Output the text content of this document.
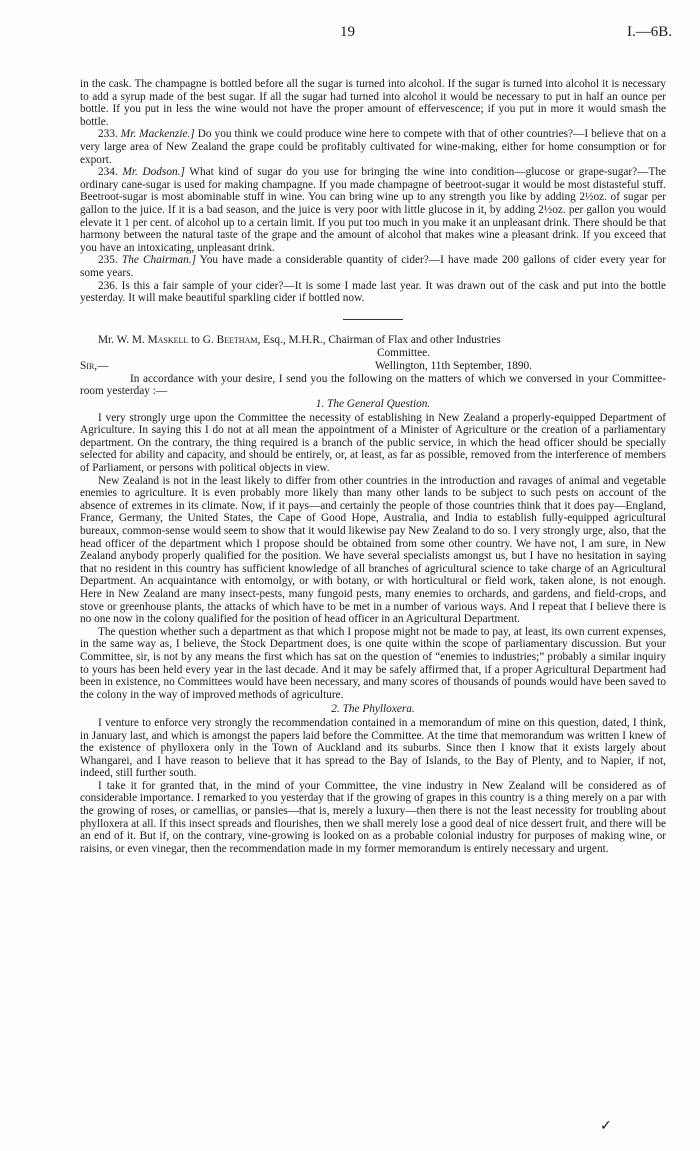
19	I.—6B.

in the cask. The champagne is bottled before all the sugar is turned into alcohol. If the sugar is turned into alcohol it is necessary to add a syrup made of the best sugar. If all the sugar had turned into alcohol it would be necessary to put in half an ounce per bottle. If you put in less the wine would not have the proper amount of effervescence; if you put in more it would smash the bottle.

233. Mr. Mackenzie.] Do you think we could produce wine here to compete with that of other countries?—I believe that on a very large area of New Zealand the grape could be profitably cultivated for wine-making, either for home consumption or for export.

234. Mr. Dodson.] What kind of sugar do you use for bringing the wine into condition—glucose or grape-sugar?—The ordinary cane-sugar is used for making champagne. If you made champagne of beetroot-sugar it would be most distasteful stuff. Beetroot-sugar is most abominable stuff in wine. You can bring wine up to any strength you like by adding 2½oz. of sugar per gallon to the juice. If it is a bad season, and the juice is very poor with little glucose in it, by adding 2½oz. per gallon you would elevate it 1 per cent. of alcohol up to a certain limit. If you put too much in you make it an unpleasant drink. There should be that harmony between the natural taste of the grape and the amount of alcohol that makes wine a pleasant drink. If you exceed that you have an intoxicating, unpleasant drink.

235. The Chairman.] You have made a considerable quantity of cider?—I have made 200 gallons of cider every year for some years.

236. Is this a fair sample of your cider?—It is some I made last year. It was drawn out of the cask and put into the bottle yesterday. It will make beautiful sparkling cider if bottled now.

Mr. W. M. Maskell to G. Beetham, Esq., M.H.R., Chairman of Flax and other Industries

Committee.

Sir,—	Wellington, 11th September, 1890.

In accordance with your desire, I send you the following on the matters of which we conversed in your Committee-room yesterday :—

1. The General Question.

I very strongly urge upon the Committee the necessity of establishing in New Zealand a properly-equipped Department of Agriculture. In saying this I do not at all mean the appointment of a Minister of Agriculture or the creation of a parliamentary department. On the contrary, the thing required is a branch of the public service, in which the head officer should be specially selected for ability and capacity, and should be entirely, or, at least, as far as possible, removed from the interference of members of Parliament, or persons with political objects in view.

New Zealand is not in the least likely to differ from other countries in the introduction and ravages of animal and vegetable enemies to agriculture. It is even probably more likely than many other lands to be subject to such pests on account of the absence of extremes in its climate. Now, if it pays—and certainly the people of those countries think that it does pay—England, France, Germany, the United States, the Cape of Good Hope, Australia, and India to establish fully-equipped agricultural bureaux, common-sense would seem to show that it would likewise pay New Zealand to do so. I very strongly urge, also, that the head officer of the department which I propose should be obtained from some other country. We have not, I am sure, in New Zealand anybody properly qualified for the position. We have several specialists amongst us, but I have no hesitation in saying that no resident in this country has sufficient knowledge of all branches of agricultural science to take charge of an Agricultural Department. An acquaintance with entomolgy, or with botany, or with horticultural or field work, taken alone, is not enough. Here in New Zealand are many insect-pests, many fungoid pests, many enemies to orchards, and gardens, and field-crops, and stove or greenhouse plants, the attacks of which have to be met in a number of various ways. And I repeat that I believe there is no one now in the colony qualified for the position of head officer in an Agricultural Department.

The question whether such a department as that which I propose might not be made to pay, at least, its own current expenses, in the same way as, I believe, the Stock Department does, is one quite within the scope of parliamentary discussion. But your Committee, sir, is not by any means the first which has sat on the question of “enemies to industries;” probably a similar inquiry to yours has been held every year in the last decade. And it may be safely affirmed that, if a proper Agricultural Department had been in existence, no Committees would have been necessary, and many scores of thousands of pounds would have been saved to the colony in the way of improved methods of agriculture.

2. The Phylloxera.

I venture to enforce very strongly the recommendation contained in a memorandum of mine on this question, dated, I think, in January last, and which is amongst the papers laid before the Committee. At the time that memorandum was written I knew of the existence of phylloxera only in the Town of Auckland and its suburbs. Since then I know that it exists largely about Whangarei, and I have reason to believe that it has spread to the Bay of Islands, to the Bay of Plenty, and to Napier, if not, indeed, still further south.

I take it for granted that, in the mind of your Committee, the vine industry in New Zealand will be considered as of considerable importance. I remarked to you yesterday that if the growing of grapes in this country is a thing merely on a par with the growing of roses, or camellias, or pansies—that is, merely a luxury—then there is not the least necessity for troubling about phylloxera at all. If this insect spreads and flourishes, then we shall merely lose a good deal of nice dessert fruit, and there will be an end of it. But if, on the contrary, vine-growing is looked on as a probable colonial industry for purposes of making wine, or raisins, or even vinegar, then the recommendation made in my former memorandum is entirely necessary and urgent.

✓
